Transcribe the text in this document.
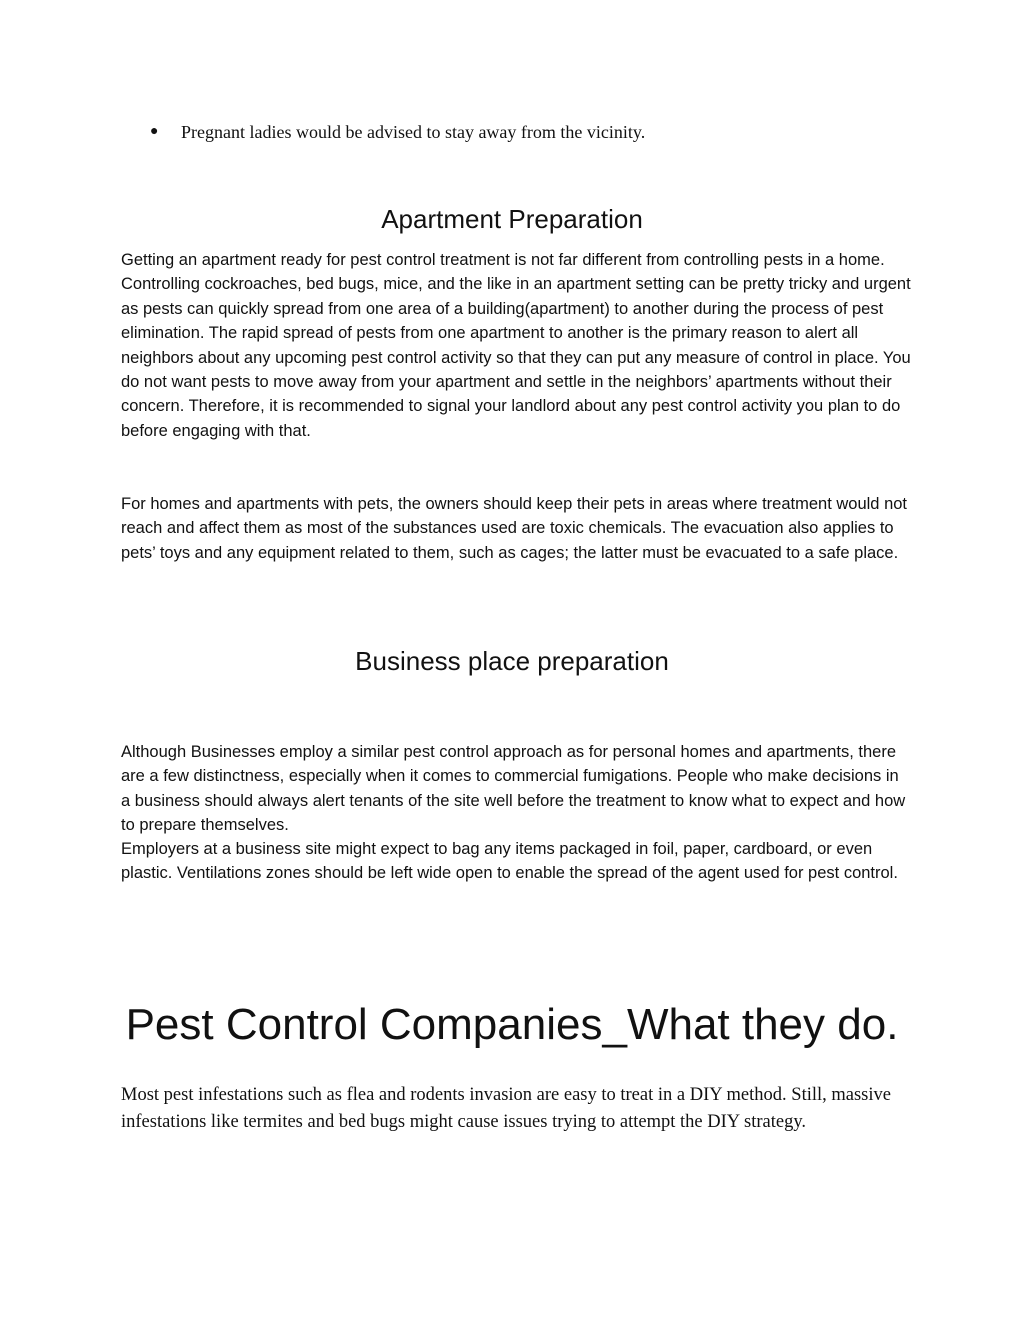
●	Pregnant ladies would be advised to stay away from the vicinity.
Apartment Preparation

Getting an apartment ready for pest control treatment is not far different from controlling pests in a home. Controlling cockroaches, bed bugs, mice, and the like in an apartment setting can be pretty tricky and urgent as pests can quickly spread from one area of a building(apartment) to another during the process of pest elimination. The rapid spread of pests from one apartment to another is the primary reason to alert all neighbors about any upcoming pest control activity so that they can put any measure of control in place. You do not want pests to move away from your apartment and settle in the neighbors’ apartments without their concern. Therefore, it is recommended to signal your landlord about any pest control activity you plan to do before engaging with that.

For homes and apartments with pets, the owners should keep their pets in areas where treatment would not reach and affect them as most of the substances used are toxic chemicals. The evacuation also applies to pets’ toys and any equipment related to them, such as cages; the latter must be evacuated to a safe place.

Business place preparation

Although Businesses employ a similar pest control approach as for personal homes and apartments, there are a few distinctness, especially when it comes to commercial fumigations. People who make decisions in a business should always alert tenants of the site well before the treatment to know what to expect and how to prepare themselves.

Employers at a business site might expect to bag any items packaged in foil, paper, cardboard, or even plastic. Ventilations zones should be left wide open to enable the spread of the agent used for pest control.

Pest Control Companies_What they do.

Most pest infestations such as flea and rodents invasion are easy to treat in a DIY method. Still, massive infestations like termites and bed bugs might cause issues trying to attempt the DIY strategy.
